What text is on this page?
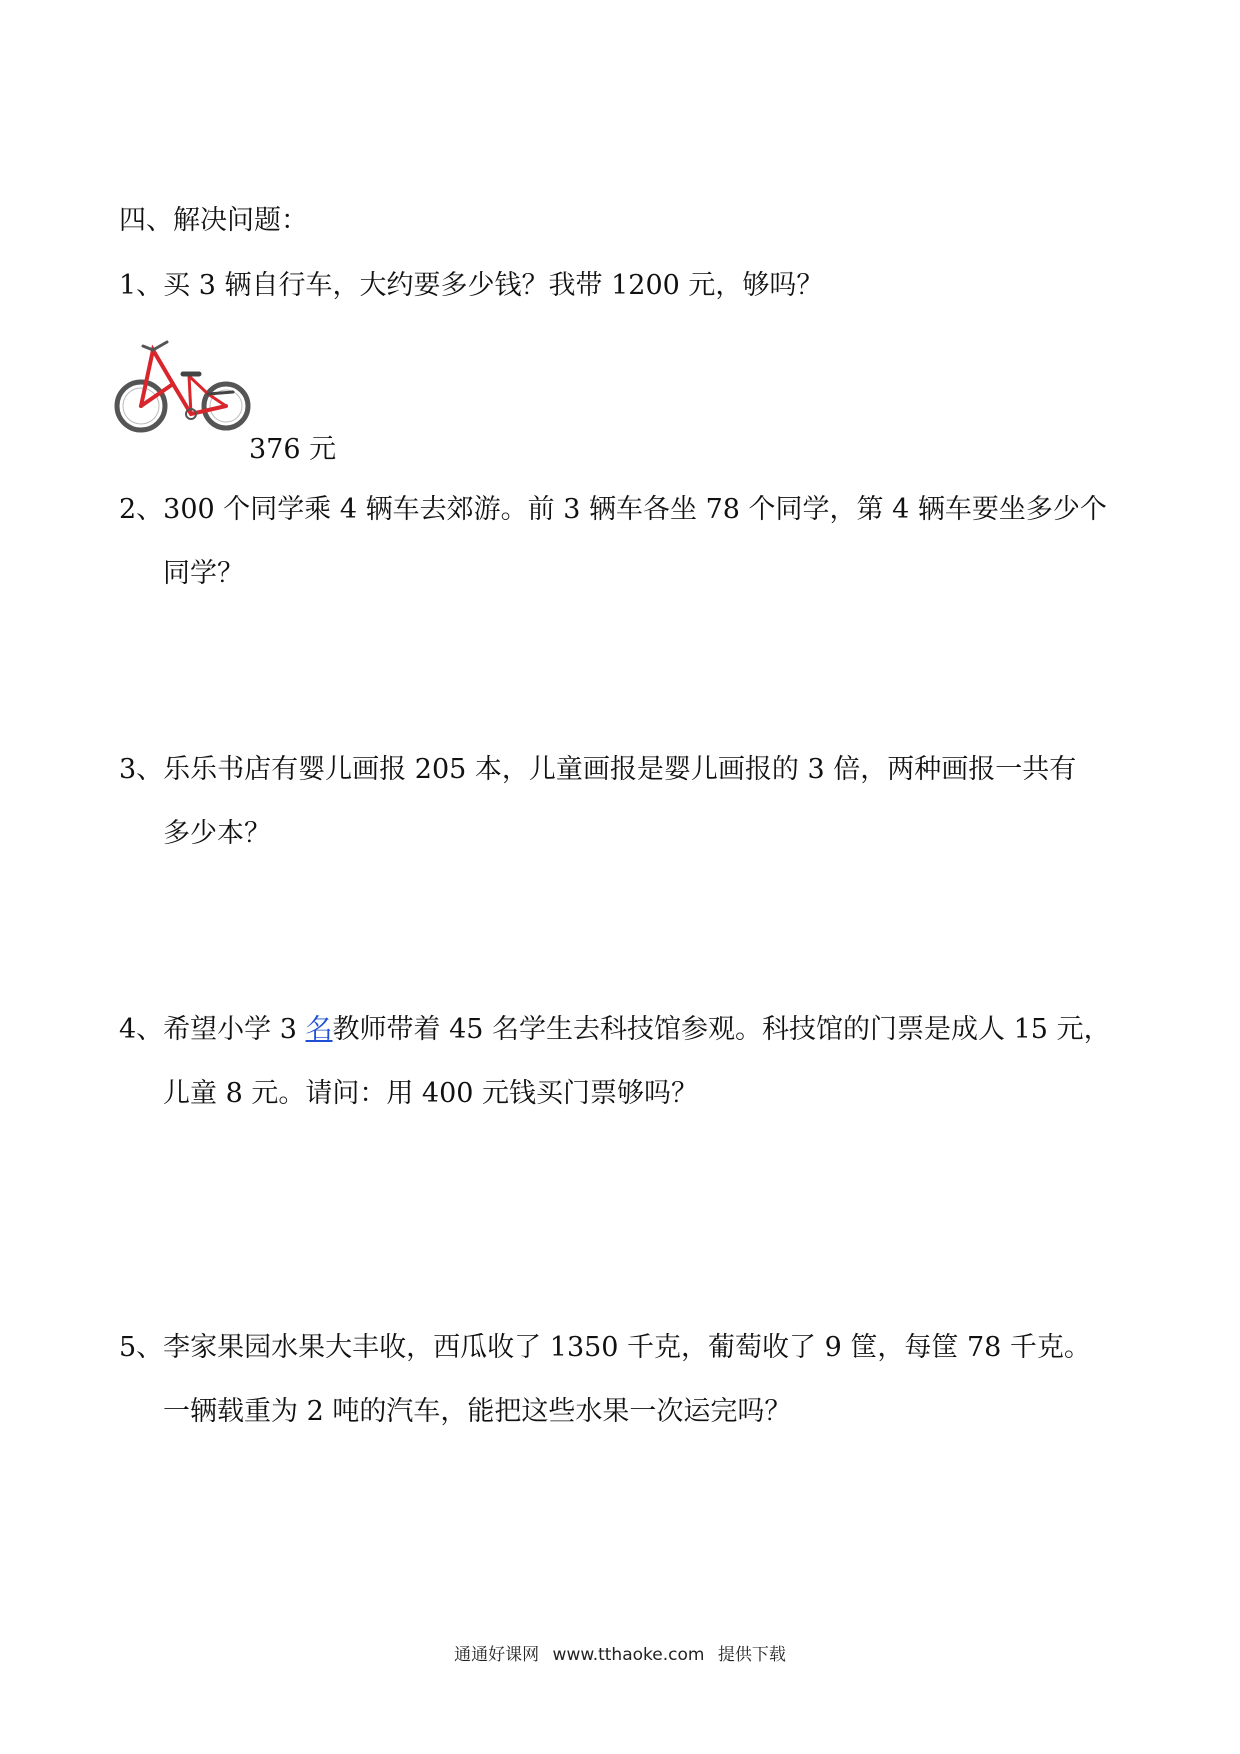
四、解决问题：
1、买 3 辆自行车，大约要多少钱？我带 1200 元，够吗？
376 元
2、300 个同学乘 4 辆车去郊游。前 3 辆车各坐 78 个同学，第 4 辆车要坐多少个
同学？
3、乐乐书店有婴儿画报 205 本，儿童画报是婴儿画报的 3 倍，两种画报一共有
多少本？
4、希望小学 3 名教师带着 45 名学生去科技馆参观。科技馆的门票是成人 15 元，
儿童 8 元。请问：用 400 元钱买门票够吗？
5、李家果园水果大丰收，西瓜收了 1350 千克，葡萄收了 9 筐，每筐 78 千克。
一辆载重为 2 吨的汽车，能把这些水果一次运完吗？
通通好课网 www.tthaoke.com 提供下载
